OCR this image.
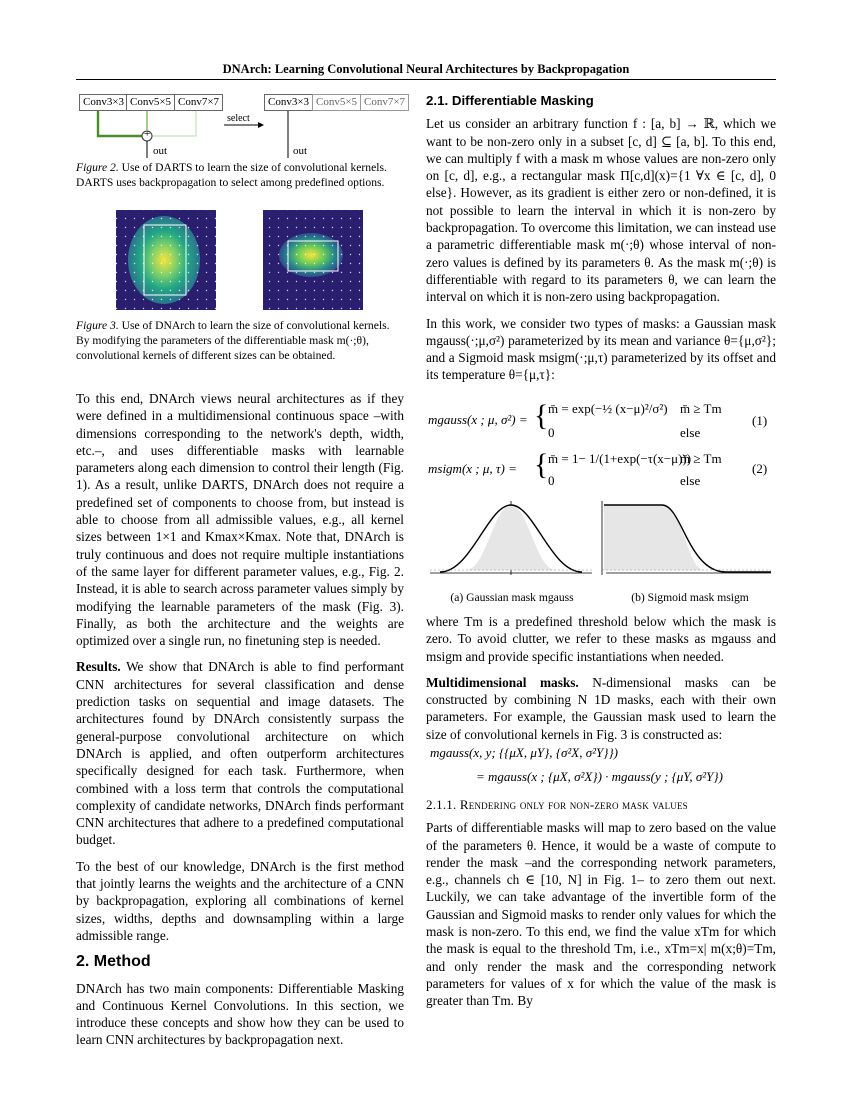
DNArch: Learning Convolutional Neural Architectures by Backpropagation
Conv3×3 Conv5×5 Conv7×7	Conv3×3 Conv5×5 Conv7×7
+
out	out
select
Figure 2. Use of DARTS to learn the size of convolutional kernels. DARTS uses backpropagation to select among predefined options.
Figure 3. Use of DNArch to learn the size of convolutional kernels. By modifying the parameters of the differentiable mask m(·;θ), convolutional kernels of different sizes can be obtained.

To this end, DNArch views neural architectures as if they were defined in a multidimensional continuous space –with dimensions corresponding to the network's depth, width, etc.–, and uses differentiable masks with learnable parameters along each dimension to control their length (Fig. 1). As a result, unlike DARTS, DNArch does not require a predefined set of components to choose from, but instead is able to choose from all admissible values, e.g., all kernel sizes between 1×1 and Kmax×Kmax. Note that, DNArch is truly continuous and does not require multiple instantiations of the same layer for different parameter values, e.g., Fig. 2. Instead, it is able to search across parameter values simply by modifying the learnable parameters of the mask (Fig. 3). Finally, as both the architecture and the weights are optimized over a single run, no finetuning step is needed.

Results. We show that DNArch is able to find performant CNN architectures for several classification and dense prediction tasks on sequential and image datasets. The architectures found by DNArch consistently surpass the general-purpose convolutional architecture on which DNArch is applied, and often outperform architectures specifically designed for each task. Furthermore, when combined with a loss term that controls the computational complexity of candidate networks, DNArch finds performant CNN architectures that adhere to a predefined computational budget.

To the best of our knowledge, DNArch is the first method that jointly learns the weights and the architecture of a CNN by backpropagation, exploring all combinations of kernel sizes, widths, depths and downsampling within a large admissible range.

2. Method

DNArch has two main components: Differentiable Masking and Continuous Kernel Convolutions. In this section, we introduce these concepts and show how they can be used to learn CNN architectures by backpropagation next.

2.1. Differentiable Masking

Let us consider an arbitrary function f : [a, b] → ℝ, which we want to be non-zero only in a subset [c, d] ⊆ [a, b]. To this end, we can multiply f with a mask m whose values are non-zero only on [c, d], e.g., a rectangular mask Π[c,d](x)={1 ∀x ∈ [c, d], 0 else}. However, as its gradient is either zero or non-defined, it is not possible to learn the interval in which it is non-zero by backpropagation. To overcome this limitation, we can instead use a parametric differentiable mask m(·;θ) whose interval of non-zero values is defined by its parameters θ. As the mask m(·;θ) is differentiable with regard to its parameters θ, we can learn the interval on which it is non-zero using backpropagation.

In this work, we consider two types of masks: a Gaussian mask mgauss(·;μ,σ²) parameterized by its mean and variance θ={μ,σ²}; and a Sigmoid mask msigm(·;μ,τ) parameterized by its offset and its temperature θ={μ,τ}:

mgauss(x ; μ, σ²) = { m̄ = exp(−½ (x−μ)²/σ²) m̄ ≥ Tm
0	else
(1)
msigm(x ; μ, τ) = { m̄ = 1− 1/(1+exp(−τ(x−μ)))
m̄ ≥ Tm
0	else
(2)
(a) Gaussian mask mgauss	(b) Sigmoid mask msigm

where Tm is a predefined threshold below which the mask is zero. To avoid clutter, we refer to these masks as mgauss and msigm and provide specific instantiations when needed.

Multidimensional masks. N-dimensional masks can be constructed by combining N 1D masks, each with their own parameters. For example, the Gaussian mask used to learn the size of convolutional kernels in Fig. 3 is constructed as:

mgauss(x, y; {{μX, μY}, {σ²X, σ²Y}})
= mgauss(x ; {μX, σ²X}) · mgauss(y ; {μY, σ²Y})
2.1.1. Rendering only for non-zero mask values

Parts of differentiable masks will map to zero based on the value of the parameters θ. Hence, it would be a waste of compute to render the mask –and the corresponding network parameters, e.g., channels ch ∈ [10, N] in Fig. 1– to zero them out next. Luckily, we can take advantage of the invertible form of the Gaussian and Sigmoid masks to render only values for which the mask is non-zero. To this end, we find the value xTm for which the mask is equal to the threshold Tm, i.e., xTm=x| m(x;θ)=Tm, and only render the mask and the corresponding network parameters for values of x for which the value of the mask is greater than Tm. By
